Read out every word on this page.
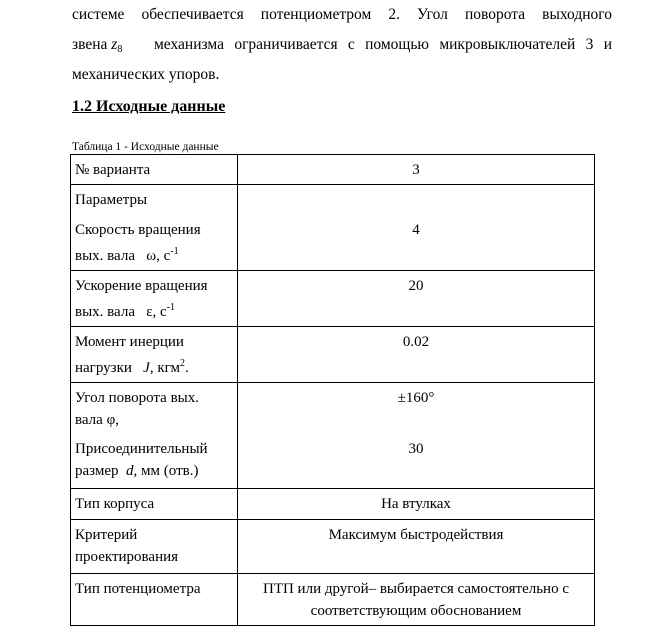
системе обеспечивается потенциометром 2. Угол поворота выходного
звена $z_8$ механизма ограничивается с помощью микровыключателей 3 и
механических упоров.
1.2 Исходные данные
Таблица 1 - Исходные данные
№ варианта	3
Параметры	
Скорость вращения
вых. вала ω, $с^{-1}$	4
Ускорение вращения
вых. вала ε, $с^{-1}$	20
Момент инерции
нагрузки J, кгм$^2$.	0.02
Угол поворота вых.
вала φ,	±160°
Присоединительный
размер d, мм (отв.)	30
Тип корпуса	На втулках
Критерий
проектирования	Максимум быстродействия
Тип потенциометра	ПТП или другой– выбирается самостоятельно с
соответствующим обоснованием
